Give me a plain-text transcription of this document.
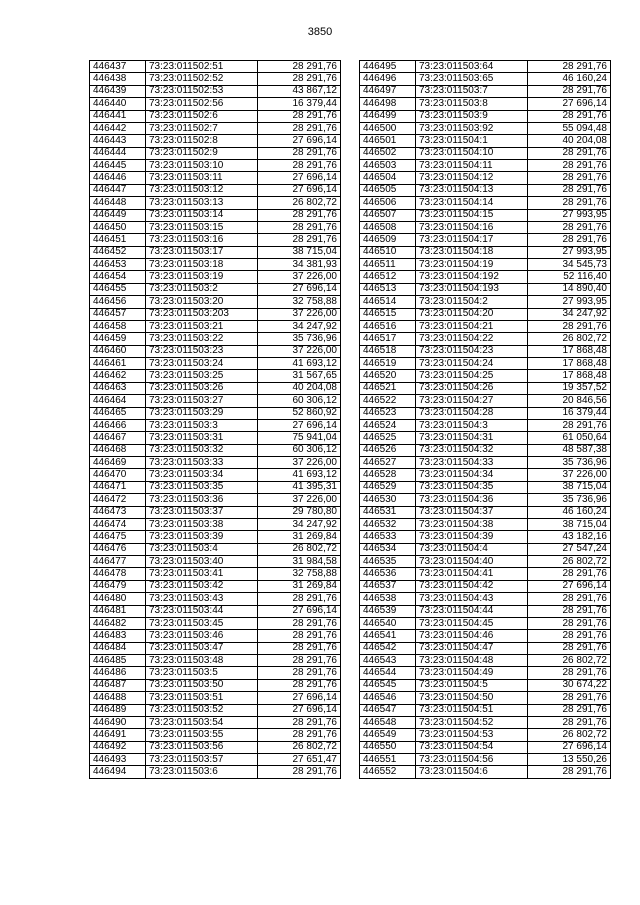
3850
446437	73:23:011502:51	28 291,76
446438	73:23:011502:52	28 291,76
446439	73:23:011502:53	43 867,12
446440	73:23:011502:56	16 379,44
446441	73:23:011502:6	28 291,76
446442	73:23:011502:7	28 291,76
446443	73:23:011502:8	27 696,14
446444	73:23:011502:9	28 291,76
446445	73:23:011503:10	28 291,76
446446	73:23:011503:11	27 696,14
446447	73:23:011503:12	27 696,14
446448	73:23:011503:13	26 802,72
446449	73:23:011503:14	28 291,76
446450	73:23:011503:15	28 291,76
446451	73:23:011503:16	28 291,76
446452	73:23:011503:17	38 715,04
446453	73:23:011503:18	34 381,93
446454	73:23:011503:19	37 226,00
446455	73:23:011503:2	27 696,14
446456	73:23:011503:20	32 758,88
446457	73:23:011503:203	37 226,00
446458	73:23:011503:21	34 247,92
446459	73:23:011503:22	35 736,96
446460	73:23:011503:23	37 226,00
446461	73:23:011503:24	41 693,12
446462	73:23:011503:25	31 567,65
446463	73:23:011503:26	40 204,08
446464	73:23:011503:27	60 306,12
446465	73:23:011503:29	52 860,92
446466	73:23:011503:3	27 696,14
446467	73:23:011503:31	75 941,04
446468	73:23:011503:32	60 306,12
446469	73:23:011503:33	37 226,00
446470	73:23:011503:34	41 693,12
446471	73:23:011503:35	41 395,31
446472	73:23:011503:36	37 226,00
446473	73:23:011503:37	29 780,80
446474	73:23:011503:38	34 247,92
446475	73:23:011503:39	31 269,84
446476	73:23:011503:4	26 802,72
446477	73:23:011503:40	31 984,58
446478	73:23:011503:41	32 758,88
446479	73:23:011503:42	31 269,84
446480	73:23:011503:43	28 291,76
446481	73:23:011503:44	27 696,14
446482	73:23:011503:45	28 291,76
446483	73:23:011503:46	28 291,76
446484	73:23:011503:47	28 291,76
446485	73:23:011503:48	28 291,76
446486	73:23:011503:5	28 291,76
446487	73:23:011503:50	28 291,76
446488	73:23:011503:51	27 696,14
446489	73:23:011503:52	27 696,14
446490	73:23:011503:54	28 291,76
446491	73:23:011503:55	28 291,76
446492	73:23:011503:56	26 802,72
446493	73:23:011503:57	27 651,47
446494	73:23:011503:6	28 291,76
446495	73:23:011503:64	28 291,76
446496	73:23:011503:65	46 160,24
446497	73:23:011503:7	28 291,76
446498	73:23:011503:8	27 696,14
446499	73:23:011503:9	28 291,76
446500	73:23:011503:92	55 094,48
446501	73:23:011504:1	40 204,08
446502	73:23:011504:10	28 291,76
446503	73:23:011504:11	28 291,76
446504	73:23:011504:12	28 291,76
446505	73:23:011504:13	28 291,76
446506	73:23:011504:14	28 291,76
446507	73:23:011504:15	27 993,95
446508	73:23:011504:16	28 291,76
446509	73:23:011504:17	28 291,76
446510	73:23:011504:18	27 993,95
446511	73:23:011504:19	34 545,73
446512	73:23:011504:192	52 116,40
446513	73:23:011504:193	14 890,40
446514	73:23:011504:2	27 993,95
446515	73:23:011504:20	34 247,92
446516	73:23:011504:21	28 291,76
446517	73:23:011504:22	26 802,72
446518	73:23:011504:23	17 868,48
446519	73:23:011504:24	17 868,48
446520	73:23:011504:25	17 868,48
446521	73:23:011504:26	19 357,52
446522	73:23:011504:27	20 846,56
446523	73:23:011504:28	16 379,44
446524	73:23:011504:3	28 291,76
446525	73:23:011504:31	61 050,64
446526	73:23:011504:32	48 587,38
446527	73:23:011504:33	35 736,96
446528	73:23:011504:34	37 226,00
446529	73:23:011504:35	38 715,04
446530	73:23:011504:36	35 736,96
446531	73:23:011504:37	46 160,24
446532	73:23:011504:38	38 715,04
446533	73:23:011504:39	43 182,16
446534	73:23:011504:4	27 547,24
446535	73:23:011504:40	26 802,72
446536	73:23:011504:41	28 291,76
446537	73:23:011504:42	27 696,14
446538	73:23:011504:43	28 291,76
446539	73:23:011504:44	28 291,76
446540	73:23:011504:45	28 291,76
446541	73:23:011504:46	28 291,76
446542	73:23:011504:47	28 291,76
446543	73:23:011504:48	26 802,72
446544	73:23:011504:49	28 291,76
446545	73:23:011504:5	30 674,22
446546	73:23:011504:50	28 291,76
446547	73:23:011504:51	28 291,76
446548	73:23:011504:52	28 291,76
446549	73:23:011504:53	26 802,72
446550	73:23:011504:54	27 696,14
446551	73:23:011504:56	13 550,26
446552	73:23:011504:6	28 291,76
